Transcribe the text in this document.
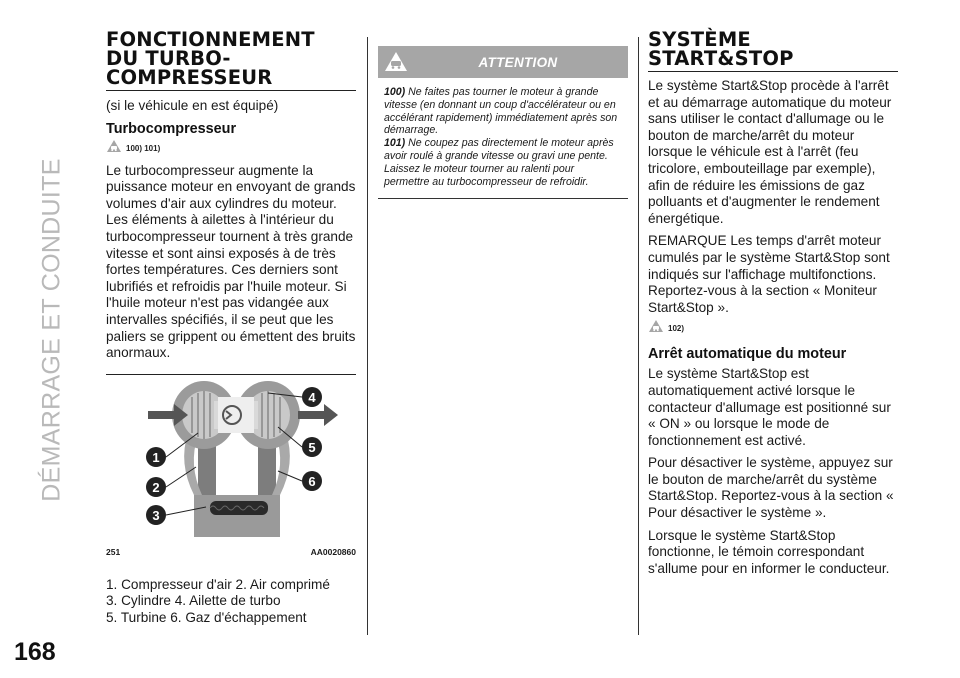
DÉMARRAGE ET CONDUITE
168
FONCTIONNEMENT
DU TURBO-
COMPRESSEUR

(si le véhicule en est équipé)

Turbocompresseur

100) 101)

Le turbocompresseur augmente la puissance moteur en envoyant de grands volumes d'air aux cylindres du moteur. Les éléments à ailettes à l'intérieur du turbocompresseur tournent à très grande vitesse et sont ainsi exposés à de très fortes températures. Ces derniers sont lubrifiés et refroidis par l'huile moteur. Si l'huile moteur n'est pas vidangée aux intervalles spécifiés, il se peut que les paliers se grippent ou émettent des bruits anormaux.

1
2
3
4
5
6
251	AA0020860

1. Compresseur d'air 2. Air comprimé

3. Cylindre 4. Ailette de turbo

5. Turbine 6. Gaz d'échappement

ATTENTION

100) Ne faites pas tourner le moteur à grande vitesse (en donnant un coup d'accélérateur ou en accélérant rapidement) immédiatement après son démarrage.

101) Ne coupez pas directement le moteur après avoir roulé à grande vitesse ou gravi une pente. Laissez le moteur tourner au ralenti pour permettre au turbocompresseur de refroidir.

SYSTÈME
START&STOP

Le système Start&Stop procède à l'arrêt et au démarrage automatique du moteur sans utiliser le contact d'allumage ou le bouton de marche/arrêt du moteur lorsque le véhicule est à l'arrêt (feu tricolore, embouteillage par exemple), afin de réduire les émissions de gaz polluants et d'augmenter le rendement énergétique.

REMARQUE Les temps d'arrêt moteur cumulés par le système Start&Stop sont indiqués sur l'affichage multifonctions. Reportez-vous à la section « Moniteur Start&Stop ».

102)

Arrêt automatique du moteur

Le système Start&Stop est automatiquement activé lorsque le contacteur d'allumage est positionné sur « ON » ou lorsque le mode de fonctionnement est activé.

Pour désactiver le système, appuyez sur le bouton de marche/arrêt du système Start&Stop. Reportez-vous à la section « Pour désactiver le système ».

Lorsque le système Start&Stop fonctionne, le témoin correspondant s'allume pour en informer le conducteur.
